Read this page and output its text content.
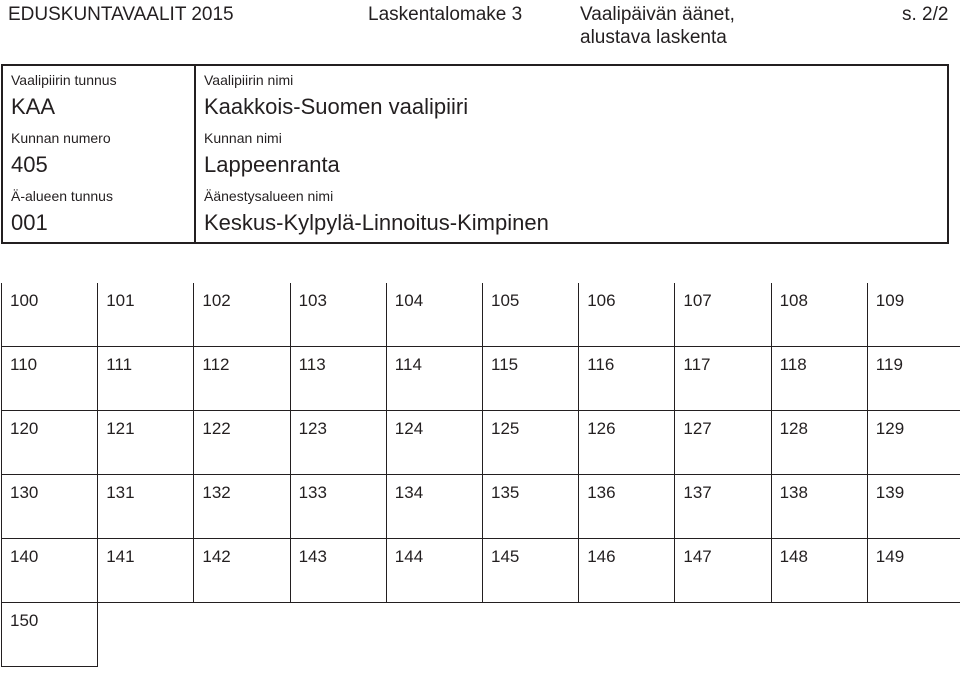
EDUSKUNTAVAALIT 2015	Laskentalomake 3	Vaalipäivän äänet,
alustava laskenta
s. 2/2
Vaalipiirin tunnus
KAA
Kunnan numero
405
Ä-alueen tunnus
001
Vaalipiirin nimi
Kaakkois-Suomen vaalipiiri
Kunnan nimi
Lappeenranta
Äänestysalueen nimi
Keskus-Kylpylä-Linnoitus-Kimpinen
100	101	102	103	104	105	106	107	108	109
110	111	112	113	114	115	116	117	118	119
120	121	122	123	124	125	126	127	128	129
130	131	132	133	134	135	136	137	138	139
140	141	142	143	144	145	146	147	148	149
150
